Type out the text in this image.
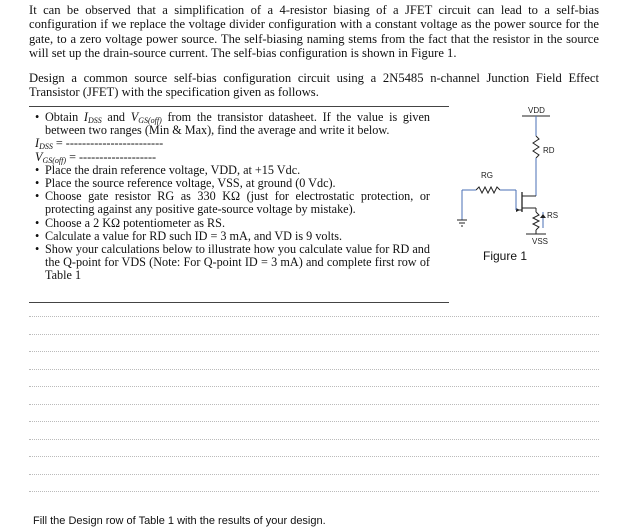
It can be observed that a simplification of a 4-resistor biasing of a JFET circuit can lead to a self-bias configuration if we replace the voltage divider configuration with a constant voltage as the power source for the gate, to a zero voltage power source. The self-biasing naming stems from the fact that the resistor in the source will set up the drain-source current. The self-bias configuration is shown in Figure 1.

Design a common source self-bias configuration circuit using a 2N5485 n-channel Junction Field Effect Transistor (JFET) with the specification given as follows.

• Obtain $I_{DSS}$ and $V_{GS(off)}$ from the transistor datasheet. If the value is given between two ranges (Min & Max), find the average and write it below.
$I_{DSS}$ = ------------------------
$V_{GS(off)}$ = -------------------
• Place the drain reference voltage, VDD, at +15 Vdc.
• Place the source reference voltage, VSS, at ground (0 Vdc).
• Choose gate resistor RG as 330 KΩ (just for electrostatic protection, or protecting against any positive gate-source voltage by mistake).
• Choose a 2 KΩ potentiometer as RS.
• Calculate a value for RD such ID = 3 mA, and VD is 9 volts.
• Show your calculations below to illustrate how you calculate value for RD and the Q-point for VDS (Note: For Q-point ID = 3 mA) and complete first row of Table 1
VDD
RD
RS
VSS
RG
Figure 1
Fill the Design row of Table 1 with the results of your design.
